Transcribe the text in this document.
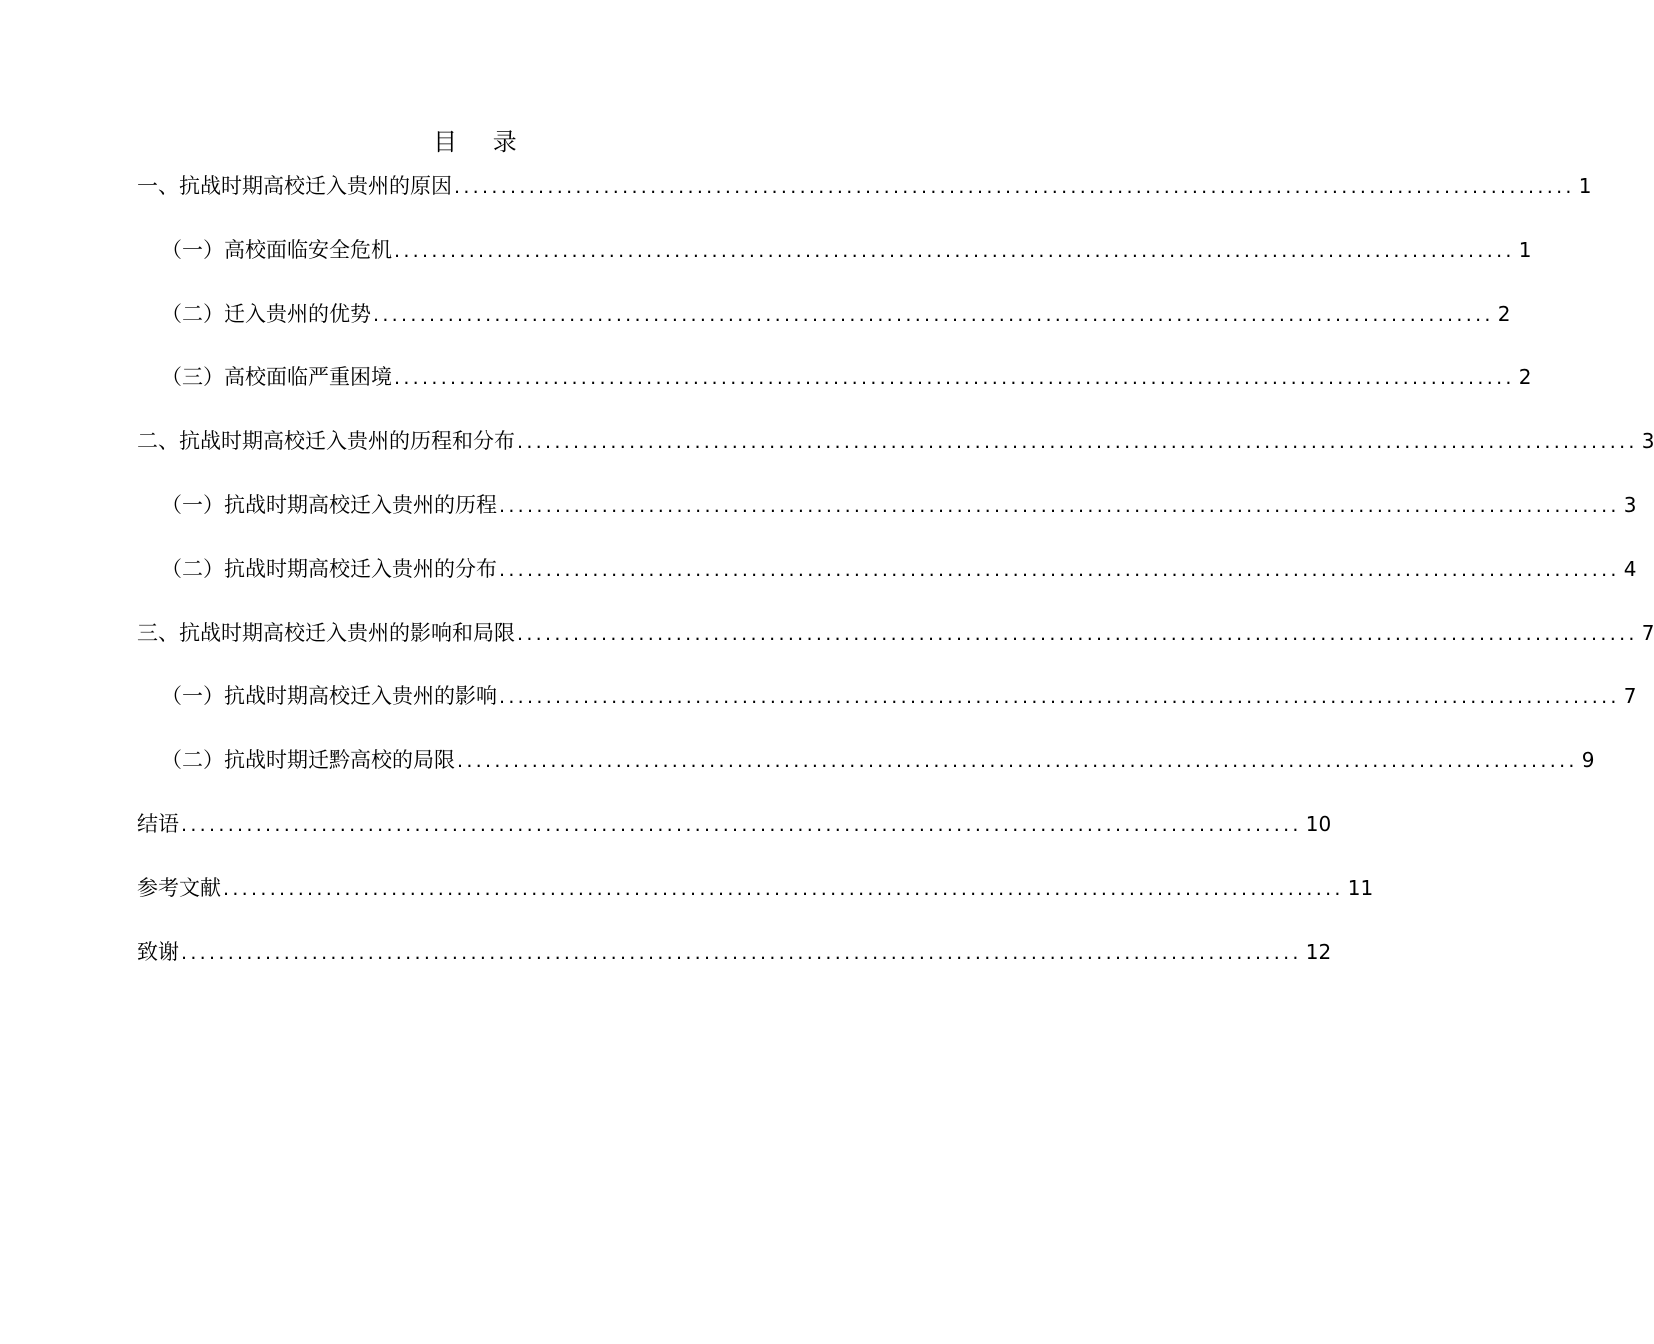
目 录
一、抗战时期高校迁入贵州的原因 ........................................................................................................................ 1
（一）高校面临安全危机 ........................................................................................................................ 1
（二）迁入贵州的优势 ........................................................................................................................ 2
（三）高校面临严重困境 ........................................................................................................................ 2
二、抗战时期高校迁入贵州的历程和分布 ........................................................................................................................ 3
（一）抗战时期高校迁入贵州的历程 ........................................................................................................................ 3
（二）抗战时期高校迁入贵州的分布 ........................................................................................................................ 4
三、抗战时期高校迁入贵州的影响和局限 ........................................................................................................................ 7
（一）抗战时期高校迁入贵州的影响 ........................................................................................................................ 7
（二）抗战时期迁黔高校的局限 ........................................................................................................................ 9
结语 ........................................................................................................................ 10
参考文献 ........................................................................................................................ 11
致谢 ........................................................................................................................ 12
